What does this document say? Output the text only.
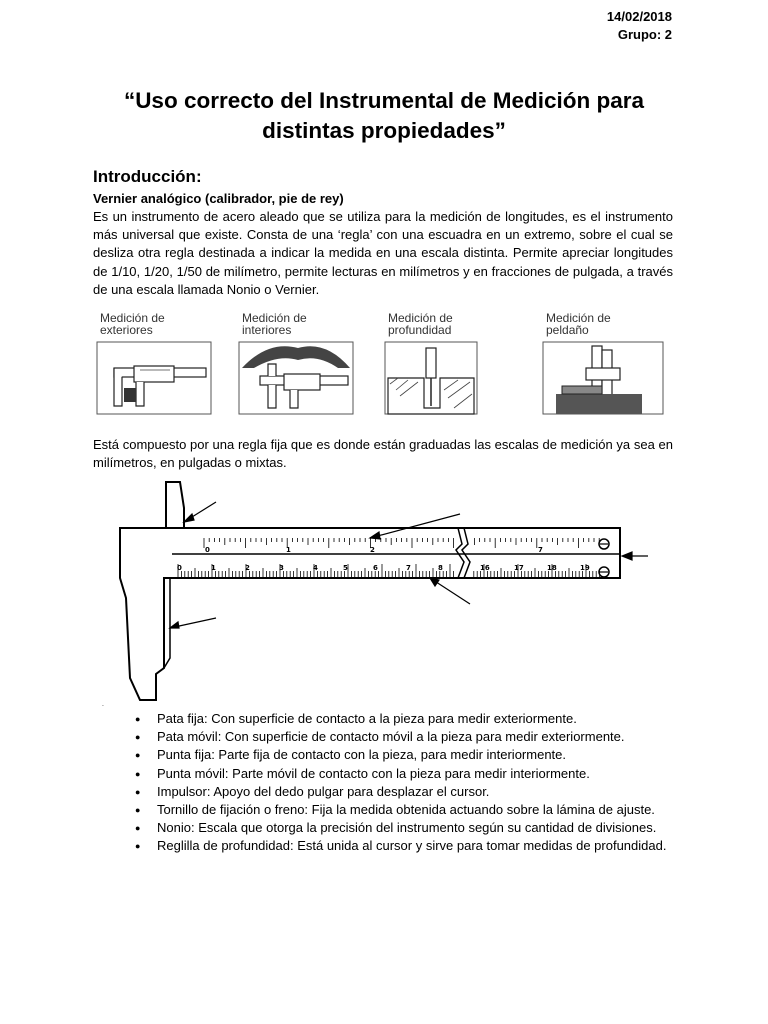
14/02/2018
Grupo: 2
“Uso correcto del Instrumental de Medición para distintas propiedades”
Introducción:
Vernier analógico (calibrador, pie de rey)

Es un instrumento de acero aleado que se utiliza para la medición de longitudes, es el instrumento más universal que existe. Consta de una ‘regla’ con una escuadra en un extremo, sobre el cual se desliza otra regla destinada a indicar la medida en una escala distinta. Permite apreciar longitudes de 1/10, 1/20, 1/50 de milímetro, permite lecturas en milímetros y en fracciones de pulgada, a través de una escala llamada Nonio o Vernier.

Medición de exteriores
Medición de interiores
Medición de profundidad
Medición de peldaño

Está compuesto por una regla fija que es donde están graduadas las escalas de medición ya sea en milímetros, en pulgadas o mixtas.

0	1	2	3	4	5	6	7	8	16	17	18	19
0	1	2	7
.
● Pata fija: Con superficie de contacto a la pieza para medir exteriormente.
● Pata móvil: Con superficie de contacto móvil a la pieza para medir exteriormente.
● Punta fija: Parte fija de contacto con la pieza, para medir interiormente.
● Punta móvil: Parte móvil de contacto con la pieza para medir interiormente.
● Impulsor: Apoyo del dedo pulgar para desplazar el cursor.
● Tornillo de fijación o freno: Fija la medida obtenida actuando sobre la lámina de ajuste.
● Nonio: Escala que otorga la precisión del instrumento según su cantidad de divisiones.
● Reglilla de profundidad: Está unida al cursor y sirve para tomar medidas de profundidad.
